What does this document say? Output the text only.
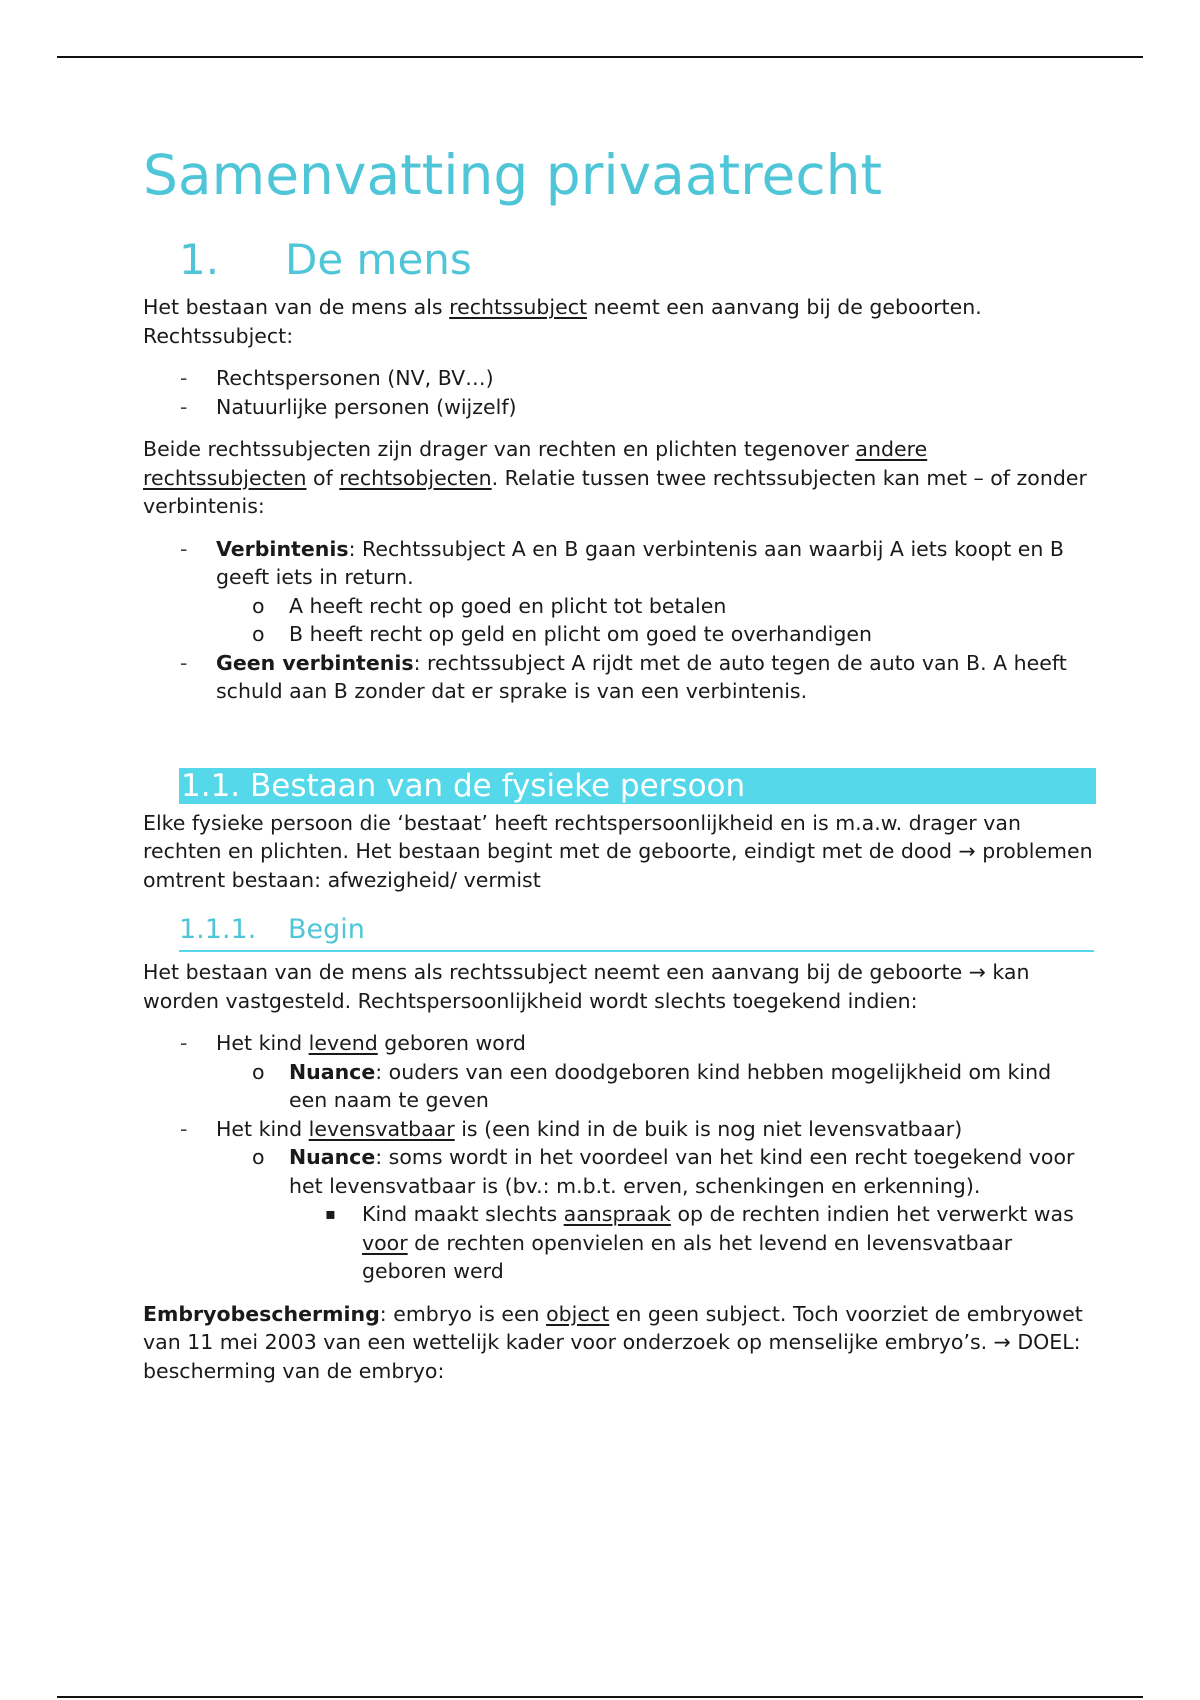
Samenvatting privaatrecht
1.	De mens

Het bestaan van de mens als rechtssubject neemt een aanvang bij de geboorten.
Rechtssubject:

- Rechtspersonen (NV, BV…)
- Natuurlijke personen (wijzelf)

Beide rechtssubjecten zijn drager van rechten en plichten tegenover andere rechtssubjecten of rechtsobjecten. Relatie tussen twee rechtssubjecten kan met – of zonder verbintenis:

- Verbintenis: Rechtssubject A en B gaan verbintenis aan waarbij A iets koopt en B geeft iets in return.
o A heeft recht op goed en plicht tot betalen
o B heeft recht op geld en plicht om goed te overhandigen
- Geen verbintenis: rechtssubject A rijdt met de auto tegen de auto van B. A heeft schuld aan B zonder dat er sprake is van een verbintenis.
1.1. Bestaan van de fysieke persoon

Elke fysieke persoon die ‘bestaat’ heeft rechtspersoonlijkheid en is m.a.w. drager van rechten en plichten. Het bestaan begint met de geboorte, eindigt met de dood → problemen omtrent bestaan: afwezigheid/ vermist

1.1.1.	Begin

Het bestaan van de mens als rechtssubject neemt een aanvang bij de geboorte → kan worden vastgesteld. Rechtspersoonlijkheid wordt slechts toegekend indien:

- Het kind levend geboren word
o Nuance: ouders van een doodgeboren kind hebben mogelijkheid om kind een naam te geven
- Het kind levensvatbaar is (een kind in de buik is nog niet levensvatbaar)
o Nuance: soms wordt in het voordeel van het kind een recht toegekend voor het levensvatbaar is (bv.: m.b.t. erven, schenkingen en erkenning).
▪ Kind maakt slechts aanspraak op de rechten indien het verwerkt was voor de rechten openvielen en als het levend en levensvatbaar geboren werd

Embryobescherming: embryo is een object en geen subject. Toch voorziet de embryowet van 11 mei 2003 van een wettelijk kader voor onderzoek op menselijke embryo’s. → DOEL: bescherming van de embryo:
